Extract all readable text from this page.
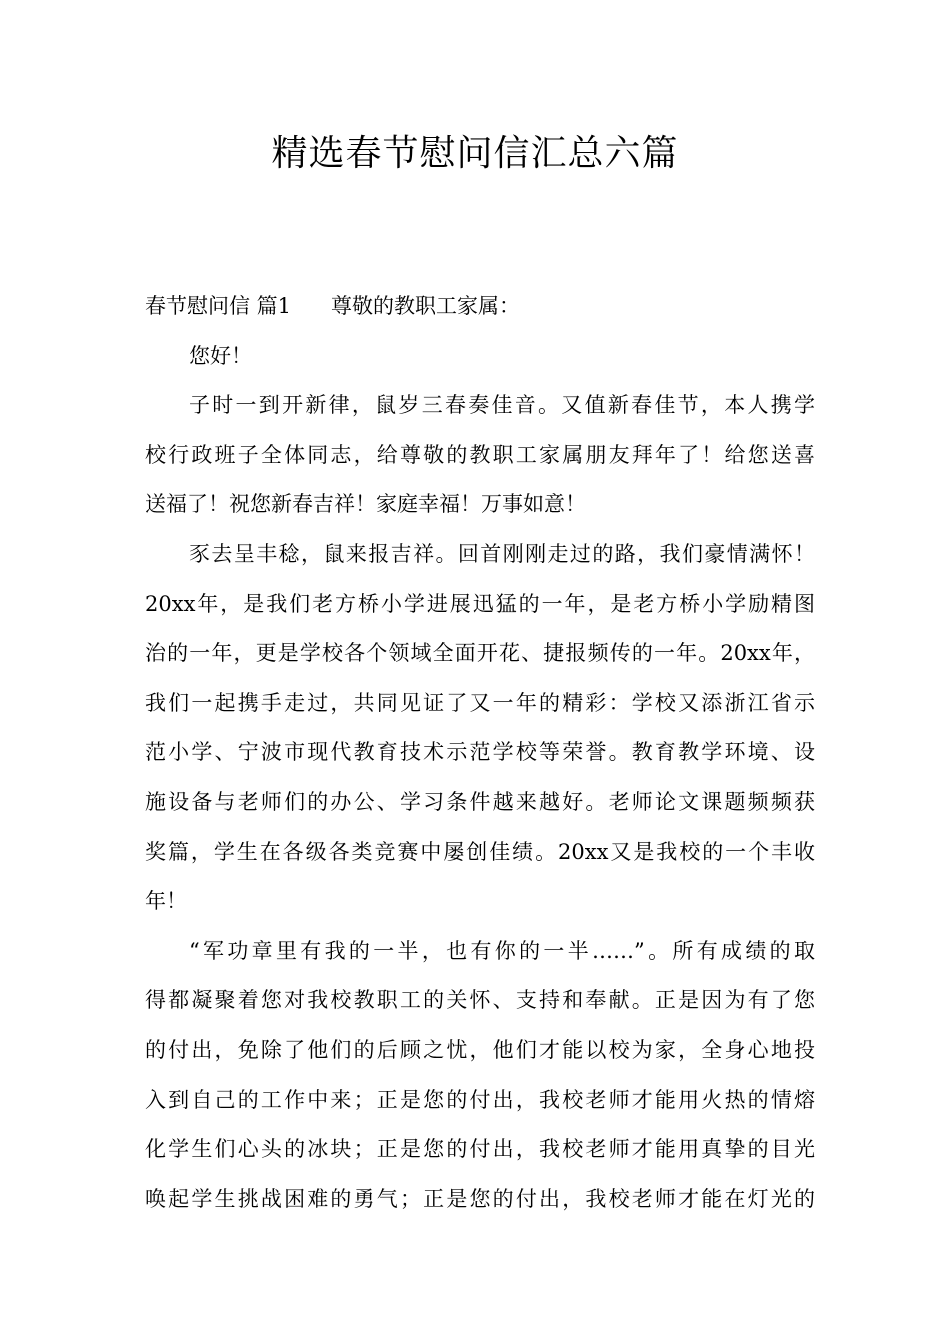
精选春节慰问信汇总六篇
春节慰问信 篇1 尊敬的教职工家属：
您好！
子时一到开新律，鼠岁三春奏佳音。又值新春佳节，本人携学
校行政班子全体同志，给尊敬的教职工家属朋友拜年了！给您送喜
送福了！祝您新春吉祥！家庭幸福！万事如意！
豕去呈丰稔，鼠来报吉祥。回首刚刚走过的路，我们豪情满怀！
20xx年，是我们老方桥小学进展迅猛的一年，是老方桥小学励精图
治的一年，更是学校各个领域全面开花、捷报频传的一年。20xx年，
我们一起携手走过，共同见证了又一年的精彩：学校又添浙江省示
范小学、宁波市现代教育技术示范学校等荣誉。教育教学环境、设
施设备与老师们的办公、学习条件越来越好。老师论文课题频频获
奖篇，学生在各级各类竞赛中屡创佳绩。20xx又是我校的一个丰收
年！
“军功章里有我的一半，也有你的一半……”。所有成绩的取
得都凝聚着您对我校教职工的关怀、支持和奉献。正是因为有了您
的付出，免除了他们的后顾之忧，他们才能以校为家，全身心地投
入到自己的工作中来；正是您的付出，我校老师才能用火热的情熔
化学生们心头的冰块；正是您的付出，我校老师才能用真挚的目光
唤起学生挑战困难的勇气；正是您的付出，我校老师才能在灯光的
